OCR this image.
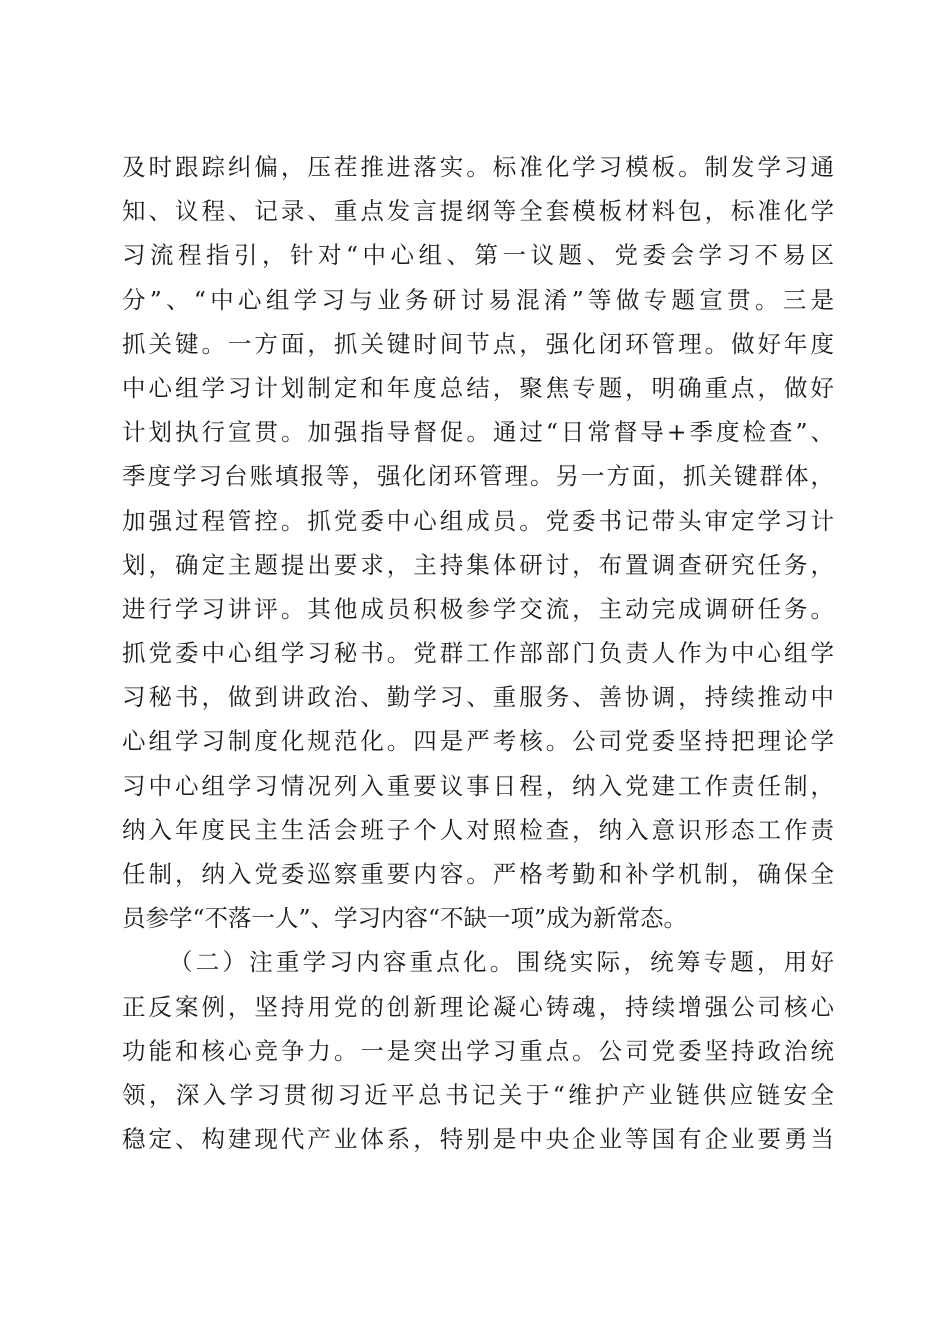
及时跟踪纠偏，压茬推进落实。标准化学习模板。制发学习通
知、议程、记录、重点发言提纲等全套模板材料包，标准化学
习流程指引，针对“中心组、第一议题、党委会学习不易区
分”、“中心组学习与业务研讨易混淆”等做专题宣贯。三是
抓关键。一方面，抓关键时间节点，强化闭环管理。做好年度
中心组学习计划制定和年度总结，聚焦专题，明确重点，做好
计划执行宣贯。加强指导督促。通过“日常督导+季度检查”、
季度学习台账填报等，强化闭环管理。另一方面，抓关键群体，
加强过程管控。抓党委中心组成员。党委书记带头审定学习计
划，确定主题提出要求，主持集体研讨，布置调查研究任务，
进行学习讲评。其他成员积极参学交流，主动完成调研任务。
抓党委中心组学习秘书。党群工作部部门负责人作为中心组学
习秘书，做到讲政治、勤学习、重服务、善协调，持续推动中
心组学习制度化规范化。四是严考核。公司党委坚持把理论学
习中心组学习情况列入重要议事日程，纳入党建工作责任制，
纳入年度民主生活会班子个人对照检查，纳入意识形态工作责
任制，纳入党委巡察重要内容。严格考勤和补学机制，确保全
员参学“不落一人”、学习内容“不缺一项”成为新常态。
（二）注重学习内容重点化。围绕实际，统筹专题，用好
正反案例，坚持用党的创新理论凝心铸魂，持续增强公司核心
功能和核心竞争力。一是突出学习重点。公司党委坚持政治统
领，深入学习贯彻习近平总书记关于“维护产业链供应链安全
稳定、构建现代产业体系，特别是中央企业等国有企业要勇当
